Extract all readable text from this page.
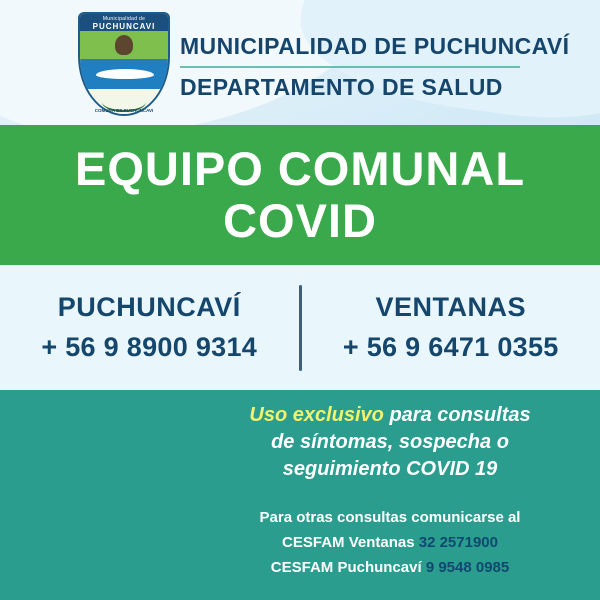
Municipalidad de
PUCHUNCAVI
COMUNA DE PUCHUNCAVI
MUNICIPALIDAD DE PUCHUNCAVÍ
DEPARTAMENTO DE SALUD
EQUIPO COMUNAL
COVID
PUCHUNCAVÍ
+ 56 9 8900 9314
VENTANAS
+ 56 9 6471 0355
Uso exclusivo para consultas
de síntomas, sospecha o
seguimiento COVID 19
Para otras consultas comunicarse al
CESFAM Ventanas 32 2571900
CESFAM Puchuncaví 9 9548 0985
